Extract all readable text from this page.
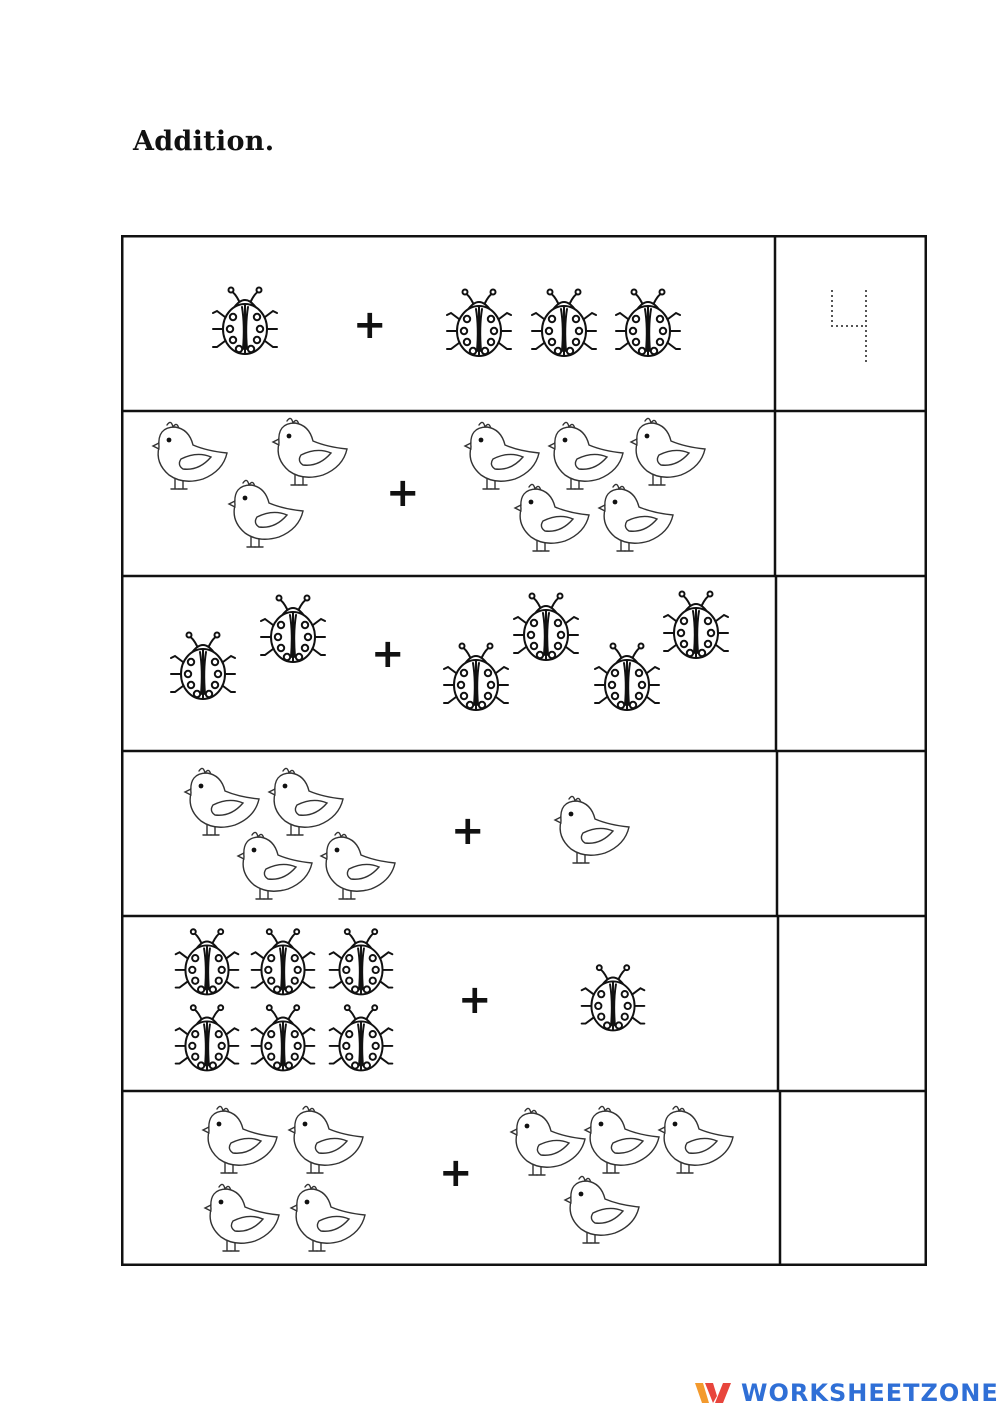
Addition.
+
+
+
+
+
+
WORKSHEETZONE
